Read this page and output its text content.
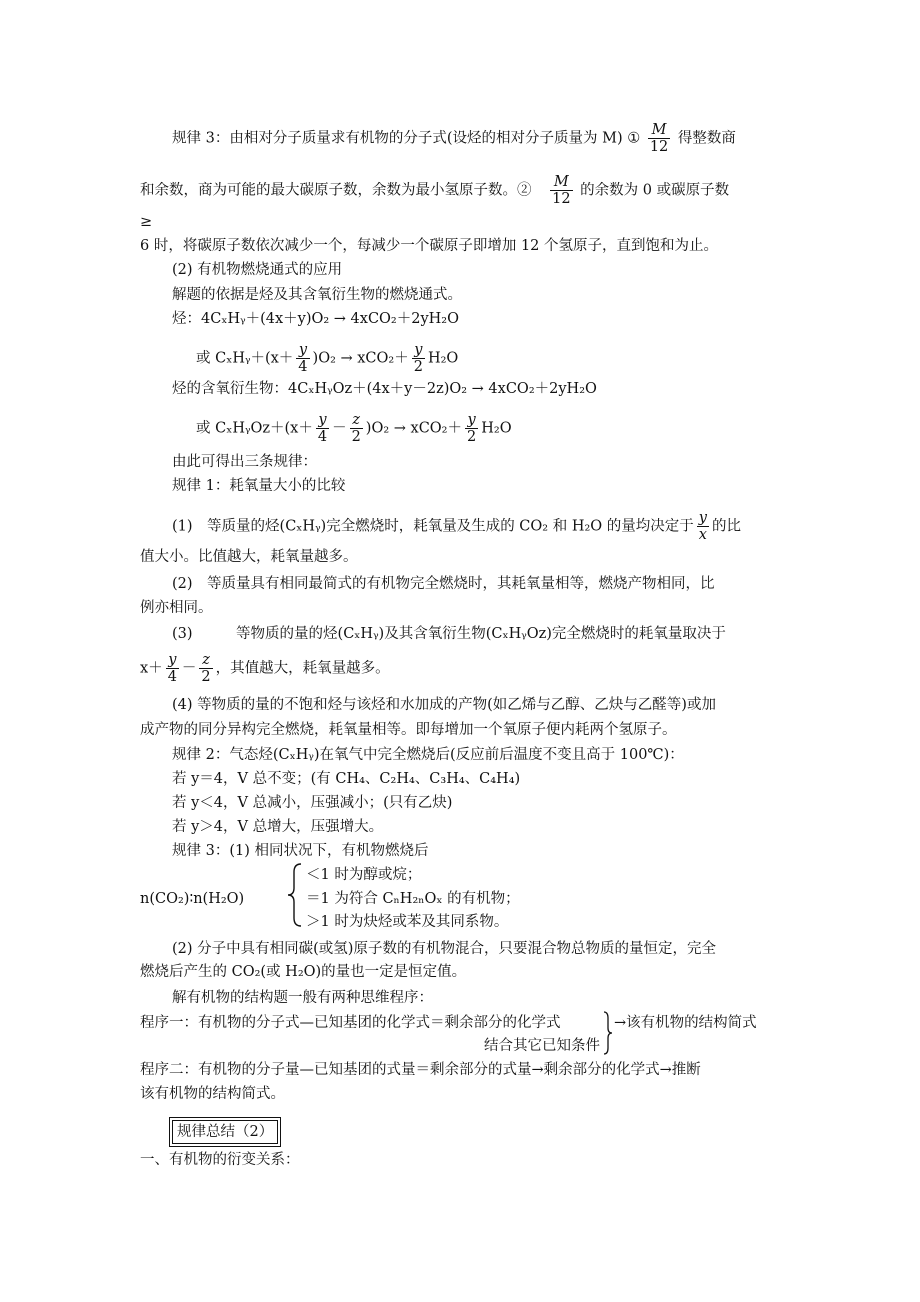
规律 3：由相对分子质量求有机物的分子式(设烃的相对分子质量为 M) ① $\frac{M}{12}$ 得整数商
和余数，商为可能的最大碳原子数，余数为最小氢原子数。② $\frac{M}{12}$ 的余数为 0 或碳原子数
≥
6 时，将碳原子数依次减少一个，每减少一个碳原子即增加 12 个氢原子，直到饱和为止。
(2) 有机物燃烧通式的应用
解题的依据是烃及其含氧衍生物的燃烧通式。
烃：4CₓHᵧ＋(4x＋y)O₂ → 4xCO₂＋2yH₂O
或 CₓHᵧ＋(x＋ $\frac{y}{4} )O_2 \to xCO_2+ \frac{y}{2} H_2O$
烃的含氧衍生物：4CₓHᵧOz＋(4x＋y－2z)O₂ → 4xCO₂＋2yH₂O
或 CₓHᵧOz＋(x＋ $\frac{y}{4} - \frac{z}{2} )O_2 \to xCO_2+ \frac{y}{2} H_2O$
由此可得出三条规律：
规律 1：耗氧量大小的比较
(1)　等质量的烃(CₓHᵧ)完全燃烧时，耗氧量及生成的 CO₂ 和 H₂O 的量均决定于 $\frac{y}{x}$ 的比
值大小。比值越大，耗氧量越多。
(2)　等质量具有相同最简式的有机物完全燃烧时，其耗氧量相等，燃烧产物相同，比
例亦相同。
(3)　　　等物质的量的烃(CₓHᵧ)及其含氧衍生物(CₓHᵧOz)完全燃烧时的耗氧量取决于
$x+ \frac{y}{4} - \frac{z}{2}$ ，其值越大，耗氧量越多。
(4) 等物质的量的不饱和烃与该烃和水加成的产物(如乙烯与乙醇、乙炔与乙醛等)或加
成产物的同分异构完全燃烧，耗氧量相等。即每增加一个氧原子便内耗两个氢原子。
规律 2：气态烃(CₓHᵧ)在氧气中完全燃烧后(反应前后温度不变且高于 100℃)：
若 y＝4，V 总不变；(有 CH₄、C₂H₄、C₃H₄、C₄H₄)
若 y＜4，V 总减小，压强减小；(只有乙炔)
若 y＞4，V 总增大，压强增大。
规律 3：(1) 相同状况下，有机物燃烧后
n(CO₂)∶n(H₂O)
＜1 时为醇或烷；
＝1 为符合 CₙH₂ₙOₓ 的有机物；
＞1 时为炔烃或苯及其同系物。
(2) 分子中具有相同碳(或氢)原子数的有机物混合，只要混合物总物质的量恒定，完全
燃烧后产生的 CO₂(或 H₂O)的量也一定是恒定值。
解有机物的结构题一般有两种思维程序：
程序一：有机物的分子式—已知基团的化学式＝剩余部分的化学式
结合其它已知条件
→该有机物的结构简式
程序二：有机物的分子量—已知基团的式量＝剩余部分的式量→剩余部分的化学式→推断
该有机物的结构简式。
规律总结（2）
一、有机物的衍变关系：
